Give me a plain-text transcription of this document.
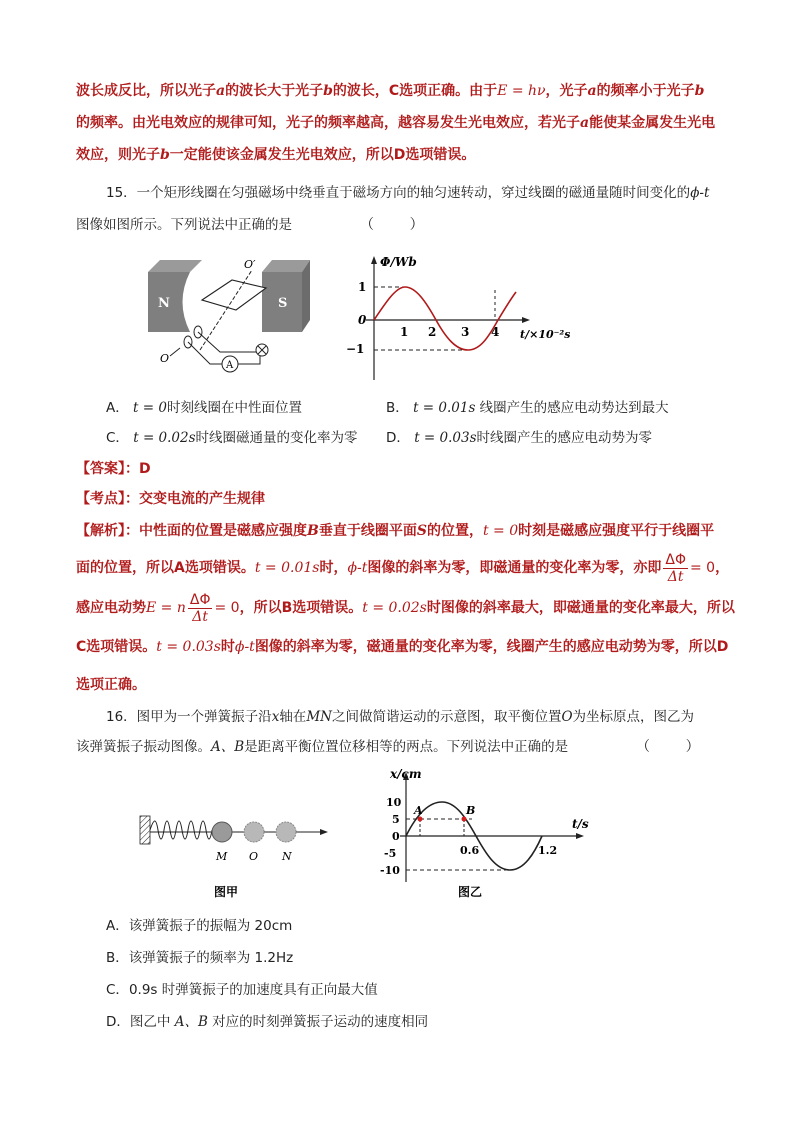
波长成反比，所以光子a的波长大于光子b的波长，C选项正确。由于E = hν，光子a的频率小于光子b
的频率。由光电效应的规律可知，光子的频率越高，越容易发生光电效应，若光子a能使某金属发生光电
效应，则光子b一定能使该金属发生光电效应，所以D选项错误。
15．一个矩形线圈在匀强磁场中绕垂直于磁场方向的轴匀速转动，穿过线圈的磁通量随时间变化的ϕ-t
图像如图所示。下列说法中正确的是	（        ）
N	S
O′
O
A
Φ/Wb
t/×10⁻²s
1
0
−1
1 2 3 4
A． t = 0时刻线圈在中性面位置	B． t = 0.01s 线圈产生的感应电动势达到最大
C． t = 0.02s时线圈磁通量的变化率为零 D． t = 0.03s时线圈产生的感应电动势为零
【答案】：D
【考点】：交变电流的产生规律
【解析】：中性面的位置是磁感应强度B垂直于线圈平面S的位置，t = 0时刻是磁感应强度平行于线圈平
面的位置，所以A选项错误。t = 0.01s时，ϕ-t图像的斜率为零，即磁通量的变化率为零，亦即 $\frac{\Delta\Phi}{\Delta t} = 0$，
感应电动势E = n $\frac{\Delta\Phi}{\Delta t} = 0$，所以B选项错误。t = 0.02s时图像的斜率最大，即磁通量的变化率最大，所以
C选项错误。t = 0.03s时ϕ-t图像的斜率为零，磁通量的变化率为零，线圈产生的感应电动势为零，所以D
选项正确。
16．图甲为一个弹簧振子沿x轴在MN之间做简谐运动的示意图，取平衡位置O为坐标原点，图乙为
该弹簧振子振动图像。A、B是距离平衡位置位移相等的两点。下列说法中正确的是	（        ）
M O N
图甲
x/cm
t/s
10
5
0
-5
-10
0.6	1.2
A	B
图乙
A．该弹簧振子的振幅为 20cm
B．该弹簧振子的频率为 1.2Hz
C．0.9s 时弹簧振子的加速度具有正向最大值
D．图乙中 A、B 对应的时刻弹簧振子运动的速度相同
